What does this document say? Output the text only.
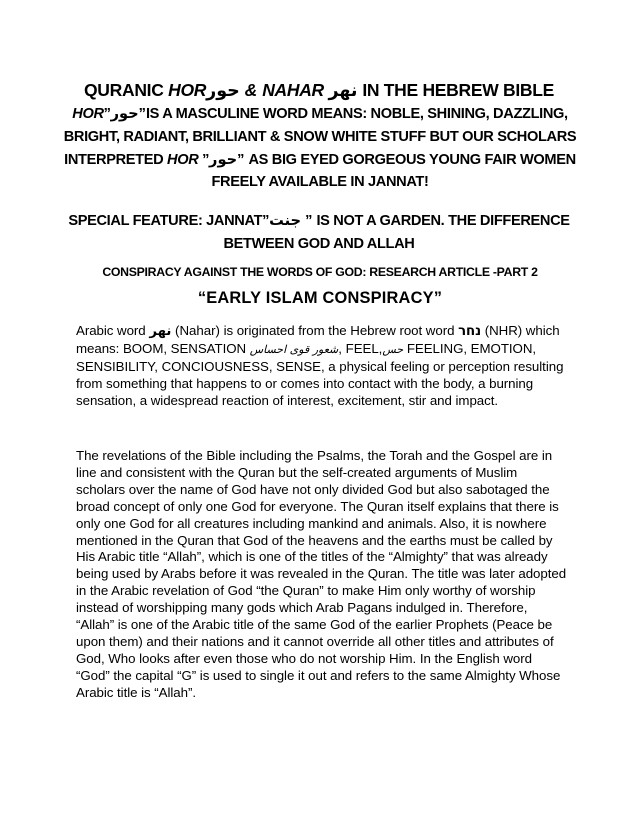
QURANIC HORحور & NAHAR نهر IN THE HEBREW BIBLE

HOR”حور”IS A MASCULINE WORD MEANS: NOBLE, SHINING, DAZZLING, BRIGHT, RADIANT, BRILLIANT & SNOW WHITE STUFF BUT OUR SCHOLARS INTERPRETED HOR ”حور” AS BIG EYED GORGEOUS YOUNG FAIR WOMEN FREELY AVAILABLE IN JANNAT!

SPECIAL FEATURE: JANNAT”جنت ” IS NOT A GARDEN. THE DIFFERENCE BETWEEN GOD AND ALLAH

CONSPIRACY AGAINST THE WORDS OF GOD: RESEARCH ARTICLE -PART 2

“EARLY ISLAM CONSPIRACY”

Arabic word نهر (Nahar) is originated from the Hebrew root word נחר (NHR) which means: BOOM, SENSATION شعور قوی احساس, FEEL,حس FEELING, EMOTION, SENSIBILITY, CONCIOUSNESS, SENSE, a physical feeling or perception resulting from something that happens to or comes into contact with the body, a burning sensation, a widespread reaction of interest, excitement, stir and impact.

The revelations of the Bible including the Psalms, the Torah and the Gospel are in line and consistent with the Quran but the self-created arguments of Muslim scholars over the name of God have not only divided God but also sabotaged the broad concept of only one God for everyone. The Quran itself explains that there is only one God for all creatures including mankind and animals. Also, it is nowhere mentioned in the Quran that God of the heavens and the earths must be called by His Arabic title “Allah”, which is one of the titles of the “Almighty” that was already being used by Arabs before it was revealed in the Quran. The title was later adopted in the Arabic revelation of God “the Quran” to make Him only worthy of worship instead of worshipping many gods which Arab Pagans indulged in. Therefore, “Allah” is one of the Arabic title of the same God of the earlier Prophets (Peace be upon them) and their nations and it cannot override all other titles and attributes of God, Who looks after even those who do not worship Him. In the English word “God” the capital “G” is used to single it out and refers to the same Almighty Whose Arabic title is “Allah”.
